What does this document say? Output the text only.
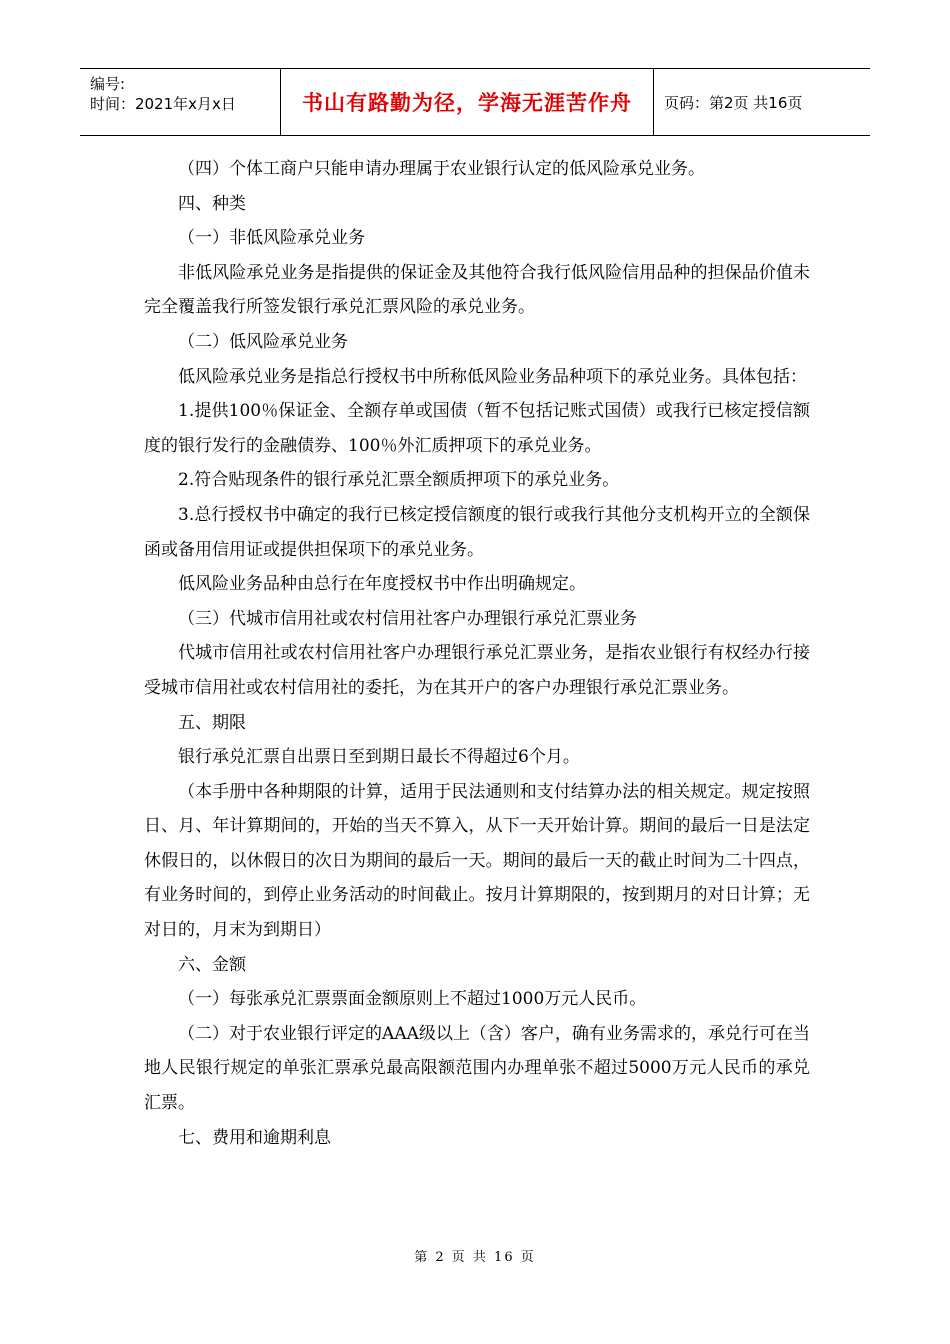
编号:
时间：2021年x月x日	书山有路勤为径，学海无涯苦作舟	页码：第2页 共16页

（四）个体工商户只能申请办理属于农业银行认定的低风险承兑业务。

四、种类

（一）非低风险承兑业务

非低风险承兑业务是指提供的保证金及其他符合我行低风险信用品种的担保品价值未完全覆盖我行所签发银行承兑汇票风险的承兑业务。

（二）低风险承兑业务

低风险承兑业务是指总行授权书中所称低风险业务品种项下的承兑业务。具体包括：

1.提供100％保证金、全额存单或国债（暂不包括记账式国债）或我行已核定授信额度的银行发行的金融债券、100％外汇质押项下的承兑业务。

2.符合贴现条件的银行承兑汇票全额质押项下的承兑业务。

3.总行授权书中确定的我行已核定授信额度的银行或我行其他分支机构开立的全额保函或备用信用证或提供担保项下的承兑业务。

低风险业务品种由总行在年度授权书中作出明确规定。

（三）代城市信用社或农村信用社客户办理银行承兑汇票业务

代城市信用社或农村信用社客户办理银行承兑汇票业务，是指农业银行有权经办行接受城市信用社或农村信用社的委托，为在其开户的客户办理银行承兑汇票业务。

五、期限

银行承兑汇票自出票日至到期日最长不得超过6个月。

（本手册中各种期限的计算，适用于民法通则和支付结算办法的相关规定。规定按照日、月、年计算期间的，开始的当天不算入，从下一天开始计算。期间的最后一日是法定休假日的，以休假日的次日为期间的最后一天。期间的最后一天的截止时间为二十四点，有业务时间的，到停止业务活动的时间截止。按月计算期限的，按到期月的对日计算；无对日的，月末为到期日）

六、金额

（一）每张承兑汇票票面金额原则上不超过1000万元人民币。

（二）对于农业银行评定的AAA级以上（含）客户，确有业务需求的，承兑行可在当地人民银行规定的单张汇票承兑最高限额范围内办理单张不超过5000万元人民币的承兑汇票。

七、费用和逾期利息

第 2 页 共 16 页
